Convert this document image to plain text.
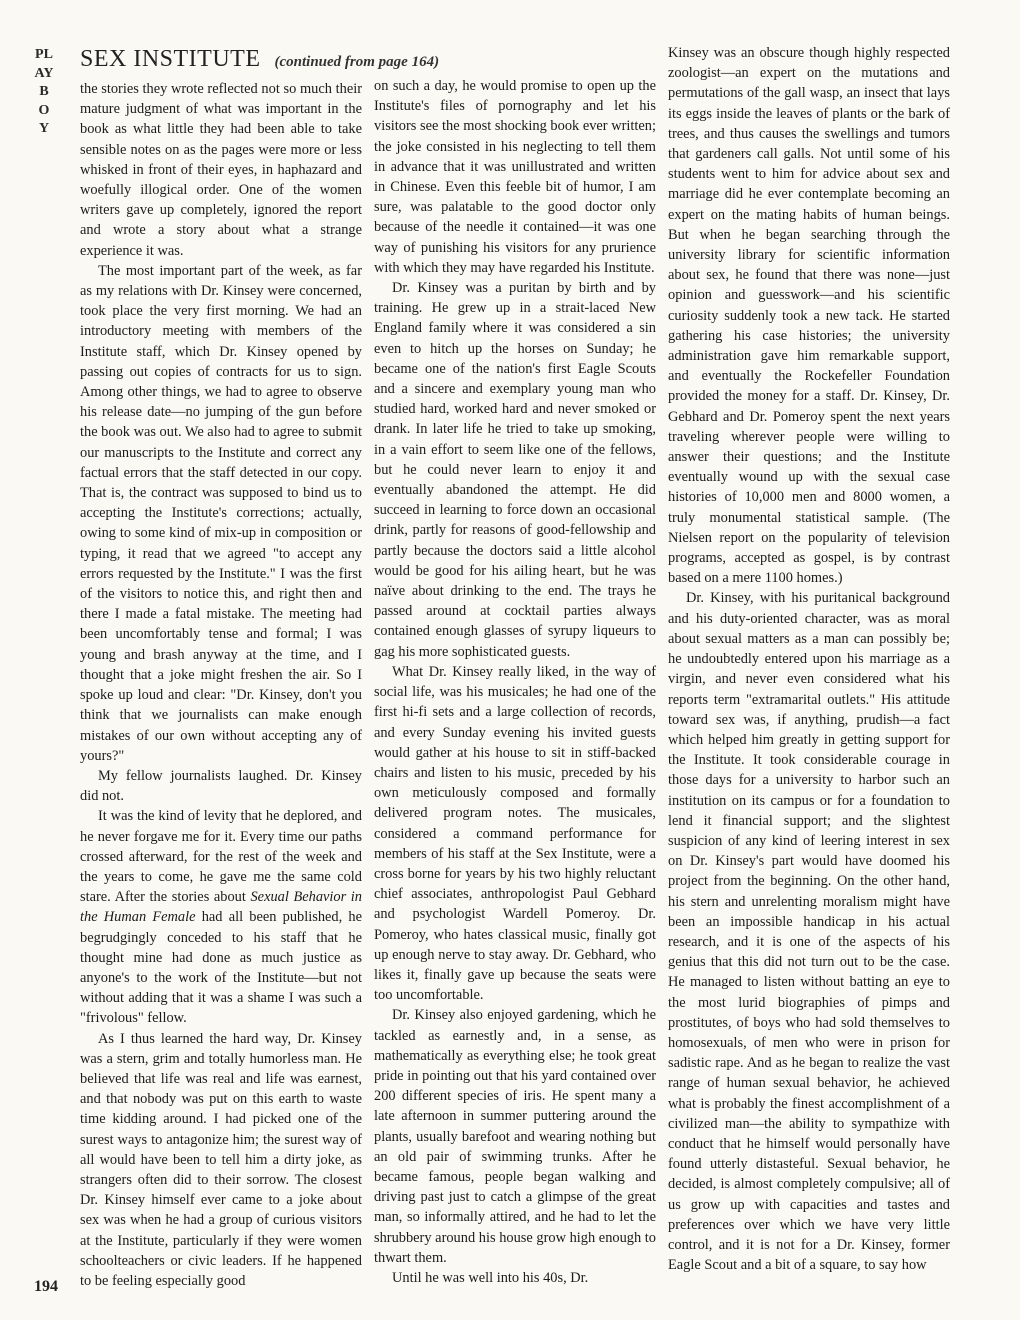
PLAYBOY
SEX INSTITUTE (continued from page 164)

the stories they wrote reflected not so much their mature judgment of what was important in the book as what little they had been able to take sensible notes on as the pages were more or less whisked in front of their eyes, in haphazard and woefully illogical order. One of the women writers gave up completely, ignored the report and wrote a story about what a strange experience it was.

The most important part of the week, as far as my relations with Dr. Kinsey were concerned, took place the very first morning. We had an introductory meeting with members of the Institute staff, which Dr. Kinsey opened by passing out copies of contracts for us to sign. Among other things, we had to agree to observe his release date—no jumping of the gun before the book was out. We also had to agree to submit our manuscripts to the Institute and correct any factual errors that the staff detected in our copy. That is, the contract was supposed to bind us to accepting the Institute's corrections; actually, owing to some kind of mix-up in composition or typing, it read that we agreed "to accept any errors requested by the Institute." I was the first of the visitors to notice this, and right then and there I made a fatal mistake. The meeting had been uncomfortably tense and formal; I was young and brash anyway at the time, and I thought that a joke might freshen the air. So I spoke up loud and clear: "Dr. Kinsey, don't you think that we journalists can make enough mistakes of our own without accepting any of yours?"

My fellow journalists laughed. Dr. Kinsey did not.

It was the kind of levity that he deplored, and he never forgave me for it. Every time our paths crossed afterward, for the rest of the week and the years to come, he gave me the same cold stare. After the stories about Sexual Behavior in the Human Female had all been published, he begrudgingly conceded to his staff that he thought mine had done as much justice as anyone's to the work of the Institute—but not without adding that it was a shame I was such a "frivolous" fellow.

As I thus learned the hard way, Dr. Kinsey was a stern, grim and totally humorless man. He believed that life was real and life was earnest, and that nobody was put on this earth to waste time kidding around. I had picked one of the surest ways to antagonize him; the surest way of all would have been to tell him a dirty joke, as strangers often did to their sorrow. The closest Dr. Kinsey himself ever came to a joke about sex was when he had a group of curious visitors at the Institute, particularly if they were women schoolteachers or civic leaders. If he happened to be feeling especially good

on such a day, he would promise to open up the Institute's files of pornography and let his visitors see the most shocking book ever written; the joke consisted in his neglecting to tell them in advance that it was unillustrated and written in Chinese. Even this feeble bit of humor, I am sure, was palatable to the good doctor only because of the needle it contained—it was one way of punishing his visitors for any prurience with which they may have regarded his Institute.

Dr. Kinsey was a puritan by birth and by training. He grew up in a strait-laced New England family where it was considered a sin even to hitch up the horses on Sunday; he became one of the nation's first Eagle Scouts and a sincere and exemplary young man who studied hard, worked hard and never smoked or drank. In later life he tried to take up smoking, in a vain effort to seem like one of the fellows, but he could never learn to enjoy it and eventually abandoned the attempt. He did succeed in learning to force down an occasional drink, partly for reasons of good-fellowship and partly because the doctors said a little alcohol would be good for his ailing heart, but he was naïve about drinking to the end. The trays he passed around at cocktail parties always contained enough glasses of syrupy liqueurs to gag his more sophisticated guests.

What Dr. Kinsey really liked, in the way of social life, was his musicales; he had one of the first hi-fi sets and a large collection of records, and every Sunday evening his invited guests would gather at his house to sit in stiff-backed chairs and listen to his music, preceded by his own meticulously composed and formally delivered program notes. The musicales, considered a command performance for members of his staff at the Sex Institute, were a cross borne for years by his two highly reluctant chief associates, anthropologist Paul Gebhard and psychologist Wardell Pomeroy. Dr. Pomeroy, who hates classical music, finally got up enough nerve to stay away. Dr. Gebhard, who likes it, finally gave up because the seats were too uncomfortable.

Dr. Kinsey also enjoyed gardening, which he tackled as earnestly and, in a sense, as mathematically as everything else; he took great pride in pointing out that his yard contained over 200 different species of iris. He spent many a late afternoon in summer puttering around the plants, usually barefoot and wearing nothing but an old pair of swimming trunks. After he became famous, people began walking and driving past just to catch a glimpse of the great man, so informally attired, and he had to let the shrubbery around his house grow high enough to thwart them.

Until he was well into his 40s, Dr.

Kinsey was an obscure though highly respected zoologist—an expert on the mutations and permutations of the gall wasp, an insect that lays its eggs inside the leaves of plants or the bark of trees, and thus causes the swellings and tumors that gardeners call galls. Not until some of his students went to him for advice about sex and marriage did he ever contemplate becoming an expert on the mating habits of human beings. But when he began searching through the university library for scientific information about sex, he found that there was none—just opinion and guesswork—and his scientific curiosity suddenly took a new tack. He started gathering his case histories; the university administration gave him remarkable support, and eventually the Rockefeller Foundation provided the money for a staff. Dr. Kinsey, Dr. Gebhard and Dr. Pomeroy spent the next years traveling wherever people were willing to answer their questions; and the Institute eventually wound up with the sexual case histories of 10,000 men and 8000 women, a truly monumental statistical sample. (The Nielsen report on the popularity of television programs, accepted as gospel, is by contrast based on a mere 1100 homes.)

Dr. Kinsey, with his puritanical background and his duty-oriented character, was as moral about sexual matters as a man can possibly be; he undoubtedly entered upon his marriage as a virgin, and never even considered what his reports term "extramarital outlets." His attitude toward sex was, if anything, prudish—a fact which helped him greatly in getting support for the Institute. It took considerable courage in those days for a university to harbor such an institution on its campus or for a foundation to lend it financial support; and the slightest suspicion of any kind of leering interest in sex on Dr. Kinsey's part would have doomed his project from the beginning. On the other hand, his stern and unrelenting moralism might have been an impossible handicap in his actual research, and it is one of the aspects of his genius that this did not turn out to be the case. He managed to listen without batting an eye to the most lurid biographies of pimps and prostitutes, of boys who had sold themselves to homosexuals, of men who were in prison for sadistic rape. And as he began to realize the vast range of human sexual behavior, he achieved what is probably the finest accomplishment of a civilized man—the ability to sympathize with conduct that he himself would personally have found utterly distasteful. Sexual behavior, he decided, is almost completely compulsive; all of us grow up with capacities and tastes and preferences over which we have very little control, and it is not for a Dr. Kinsey, former Eagle Scout and a bit of a square, to say how

194
